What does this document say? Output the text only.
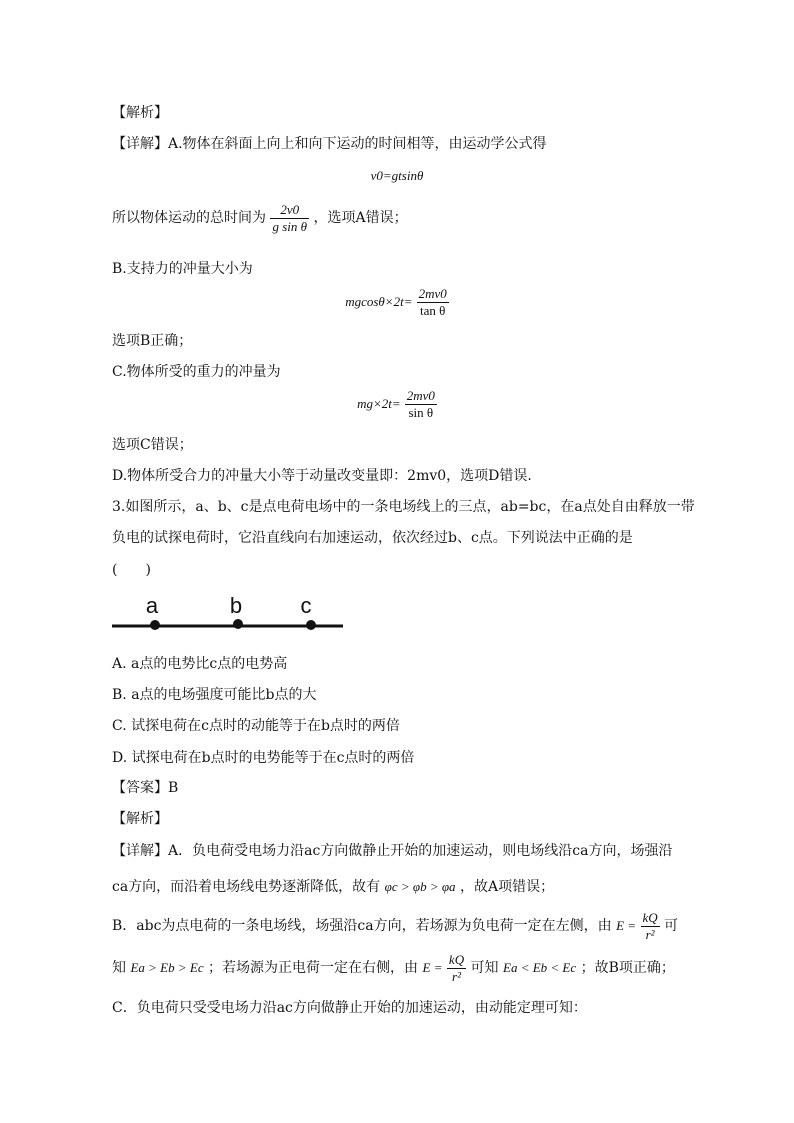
【解析】
【详解】A.物体在斜面上向上和向下运动的时间相等，由运动学公式得
v0=gtsinθ
所以物体运动的总时间为 $\frac{2v0}{\text{g sin θ}}$ ，选项A错误；
B.支持力的冲量大小为
$mgcos\theta\times 2t= \frac{2mv0}{\text{tan θ}}$
选项B正确；
C.物体所受的重力的冲量为
$mg\times 2t= \frac{2mv0}{\text{sin θ}}$
选项C错误；
D.物体所受合力的冲量大小等于动量改变量即：2mv0，选项D错误.
3.如图所示，a、b、c是点电荷电场中的一条电场线上的三点，ab=bc，在a点处自由释放一带
负电的试探电荷时，它沿直线向右加速运动，依次经过b、c点。下列说法中正确的是
(　　)
a	b	c
A. a点的电势比c点的电势高
B. a点的电场强度可能比b点的大
C. 试探电荷在c点时的动能等于在b点时的两倍
D. 试探电荷在b点时的电势能等于在c点时的两倍
【答案】B
【解析】
【详解】A．负电荷受电场力沿ac方向做静止开始的加速运动，则电场线沿ca方向，场强沿
ca方向，而沿着电场线电势逐渐降低，故有 φc > φb > φa ，故A项错误；
B．abc为点电荷的一条电场线，场强沿ca方向，若场源为负电荷一定在左侧，由 $E = \frac{kQ}{\text{r²}}$ 可
知 Ea > Eb > Ec ；若场源为正电荷一定在右侧，由 $E = \frac{kQ}{\text{r²}}$ 可知 Ea < Eb < Ec ；故B项正确；
C．负电荷只受受电场力沿ac方向做静止开始的加速运动，由动能定理可知：
